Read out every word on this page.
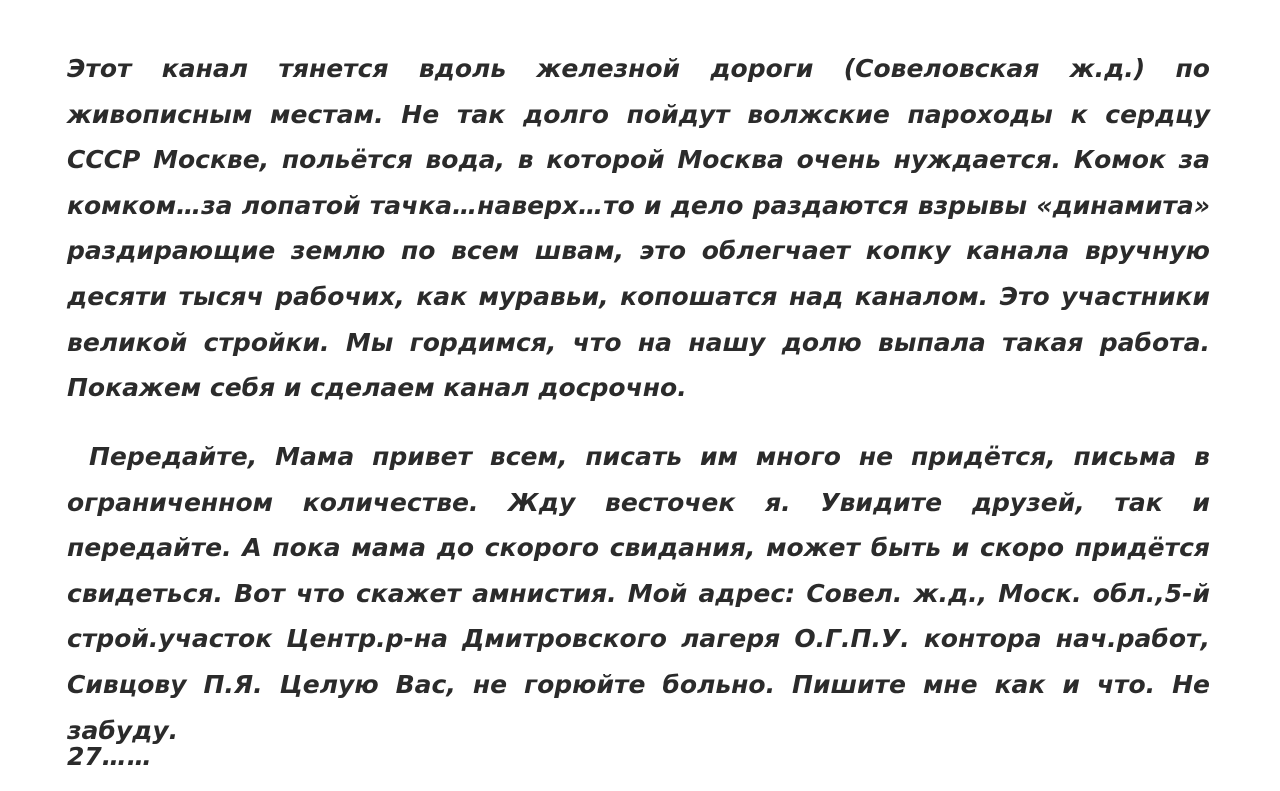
Этот канал тянется вдоль железной дороги (Совеловская ж.д.) по живописным местам. Не так долго пойдут волжские пароходы к сердцу СССР Москве, польётся вода, в которой Москва очень нуждается. Комок за комком…за лопатой тачка…наверх…то и дело раздаются взрывы «динамита» раздирающие землю по всем швам, это облегчает копку канала вручную десяти тысяч рабочих, как муравьи, копошатся над каналом. Это участники великой стройки. Мы гордимся, что на нашу долю выпала такая работа. Покажем себя и сделаем канал досрочно.

Передайте, Мама привет всем, писать им много не придётся, письма в ограниченном количестве. Жду весточек я. Увидите друзей, так и передайте. А пока мама до скорого свидания, может быть и скоро придётся свидеться. Вот что скажет амнистия. Мой адрес: Совел. ж.д., Моск. обл.,5-й строй.участок Центр.р-на Дмитровского лагеря О.Г.П.У. контора нач.работ, Сивцову П.Я. Целую Вас, не горюйте больно. Пишите мне как и что. Не забуду.

27……
